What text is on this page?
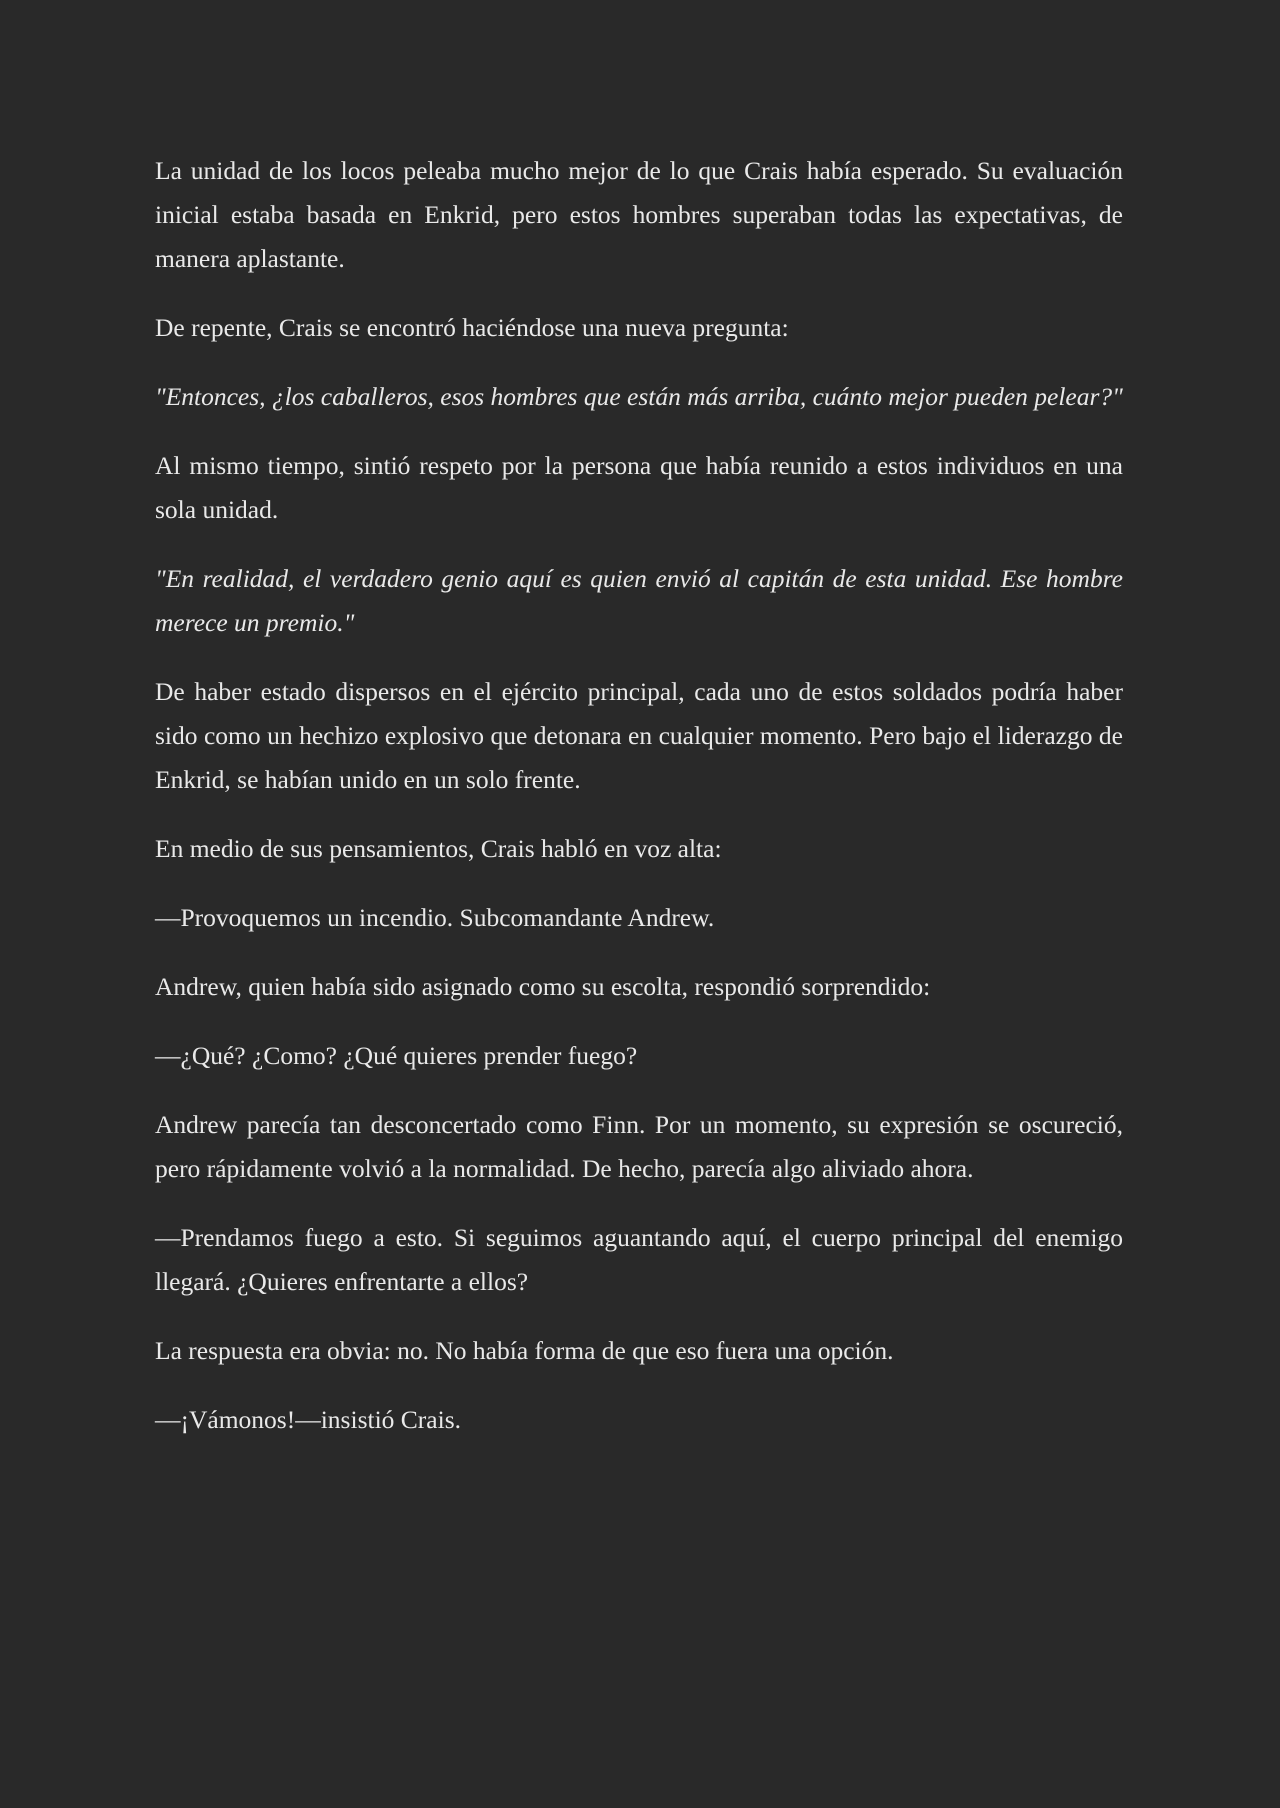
La unidad de los locos peleaba mucho mejor de lo que Crais había esperado. Su evaluación inicial estaba basada en Enkrid, pero estos hombres superaban todas las expectativas, de manera aplastante.

De repente, Crais se encontró haciéndose una nueva pregunta:

"Entonces, ¿los caballeros, esos hombres que están más arriba, cuánto mejor pueden pelear?"

Al mismo tiempo, sintió respeto por la persona que había reunido a estos individuos en una sola unidad.

"En realidad, el verdadero genio aquí es quien envió al capitán de esta unidad. Ese hombre merece un premio."

De haber estado dispersos en el ejército principal, cada uno de estos soldados podría haber sido como un hechizo explosivo que detonara en cualquier momento. Pero bajo el liderazgo de Enkrid, se habían unido en un solo frente.

En medio de sus pensamientos, Crais habló en voz alta:

—Provoquemos un incendio. Subcomandante Andrew.

Andrew, quien había sido asignado como su escolta, respondió sorprendido:

—¿Qué? ¿Como? ¿Qué quieres prender fuego?

Andrew parecía tan desconcertado como Finn. Por un momento, su expresión se oscureció, pero rápidamente volvió a la normalidad. De hecho, parecía algo aliviado ahora.

—Prendamos fuego a esto. Si seguimos aguantando aquí, el cuerpo principal del enemigo llegará. ¿Quieres enfrentarte a ellos?

La respuesta era obvia: no. No había forma de que eso fuera una opción.

—¡Vámonos!—insistió Crais.
